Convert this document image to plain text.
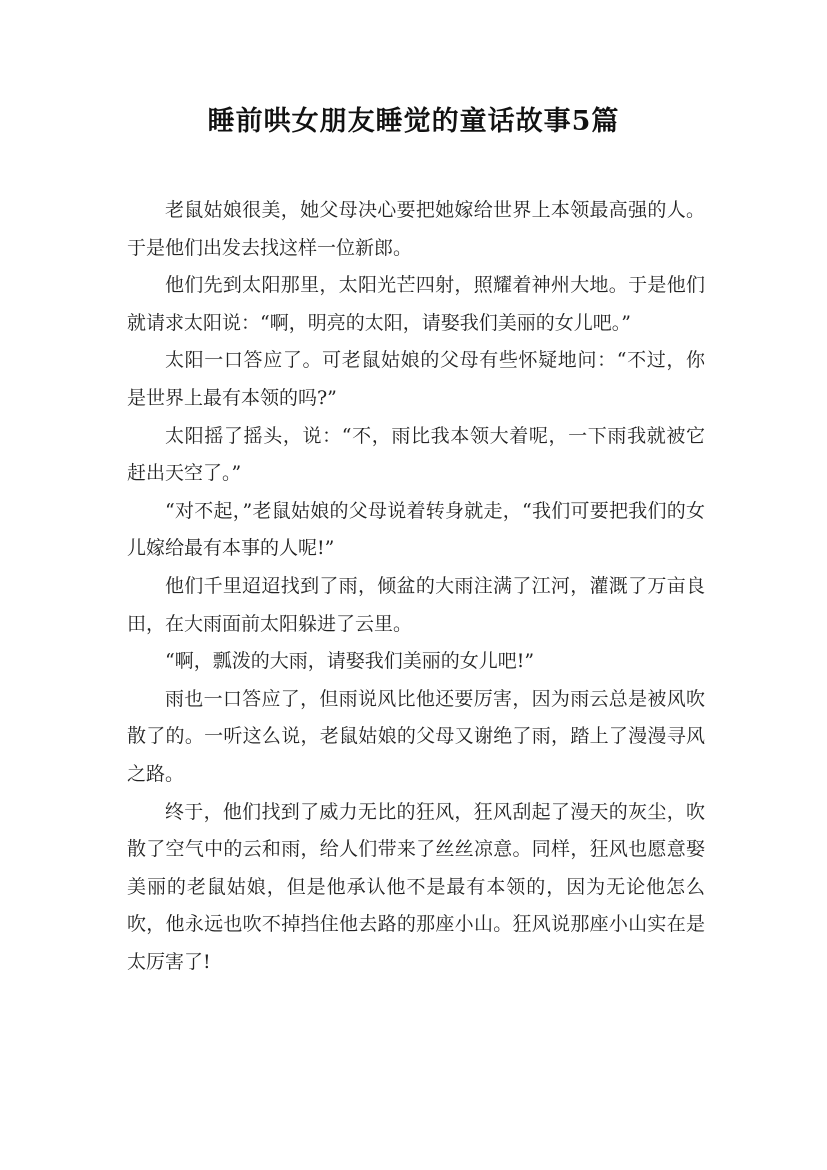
睡前哄女朋友睡觉的童话故事5篇

老鼠姑娘很美，她父母决心要把她嫁给世界上本领最高强的人。于是他们出发去找这样一位新郎。

他们先到太阳那里，太阳光芒四射，照耀着神州大地。于是他们就请求太阳说：“啊，明亮的太阳，请娶我们美丽的女儿吧。”

太阳一口答应了。可老鼠姑娘的父母有些怀疑地问：“不过，你是世界上最有本领的吗?”

太阳摇了摇头，说：“不，雨比我本领大着呢，一下雨我就被它赶出天空了。”

“对不起，”老鼠姑娘的父母说着转身就走，“我们可要把我们的女儿嫁给最有本事的人呢!”

他们千里迢迢找到了雨，倾盆的大雨注满了江河，灌溉了万亩良田，在大雨面前太阳躲进了云里。

“啊，瓢泼的大雨，请娶我们美丽的女儿吧!”

雨也一口答应了，但雨说风比他还要厉害，因为雨云总是被风吹散了的。一听这么说，老鼠姑娘的父母又谢绝了雨，踏上了漫漫寻风之路。

终于，他们找到了威力无比的狂风，狂风刮起了漫天的灰尘，吹散了空气中的云和雨，给人们带来了丝丝凉意。同样，狂风也愿意娶美丽的老鼠姑娘，但是他承认他不是最有本领的，因为无论他怎么吹，他永远也吹不掉挡住他去路的那座小山。狂风说那座小山实在是太厉害了!
